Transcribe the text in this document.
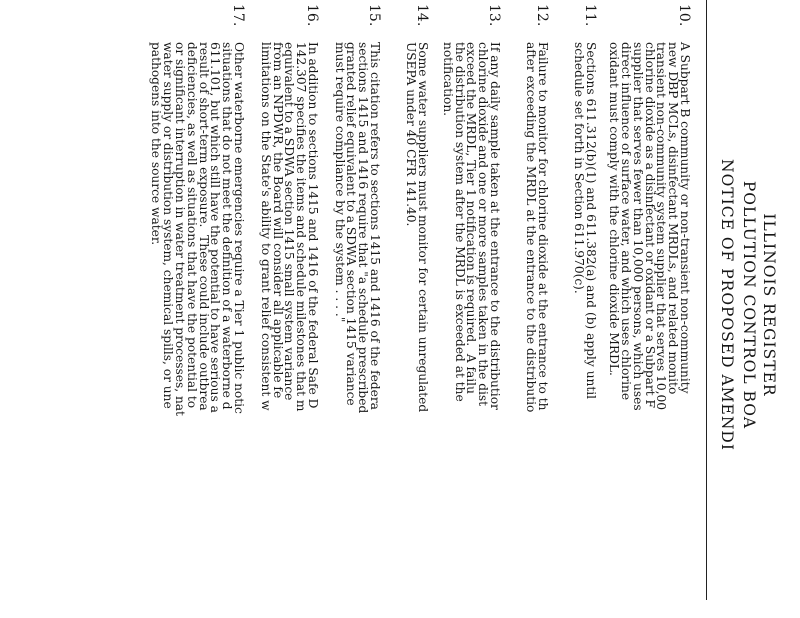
ILLINOIS REGISTER
POLLUTION CONTROL BOA
NOTICE OF PROPOSED AMENDI
10.
A Subpart B community or non-transient non-community
new DBP MCLs, disinfectant MRDLs, and related monito
transient non-community system supplier that serves 10,00
chlorine dioxide as a disinfectant or oxidant or a Subpart F
supplier that serves fewer than 10,000 persons, which uses
direct influence of surface water, and which uses chlorine
oxidant must comply with the chlorine dioxide MRDL.
11.
Sections 611.312(b)(1) and 611.382(a) and (b) apply until
schedule set forth in Section 611.970(c).
12.
Failure to monitor for chlorine dioxide at the entrance to th
after exceeding the MRDL at the entrance to the distributio
13.
If any daily sample taken at the entrance to the distributior
chlorine dioxide and one or more samples taken in the dist
exceed the MRDL, Tier 1 notification is required.  A failu
the distribution system after the MRDL is exceeded at the
notification.
14.
Some water suppliers must monitor for certain unregulated
USEPA under 40 CFR 141.40.
15.
This citation refers to sections 1415 and 1416 of the federa
sections 1415 and 1416 require that "a schedule prescribed
granted relief equivalent to a SDWA section 1415 variance
must require compliance by the system . . . ."
16.
In addition to sections 1415 and 1416 of the federal Safe D
142.307 specifies the items and schedule milestones that m
equivalent to a SDWA section 1415 small system variance
from an NPDWR, the Board will consider all applicable fe
limitations on the State's ability to grant relief consistent w
17.
Other waterborne emergencies require a Tier 1 public notic
situations that do not meet the definition of a waterborne d
611.101, but which still have the potential to have serious a
result of short-term exposure.  These could include outbrea
deficiencies, as well as situations that have the potential to
or significant interruption in water treatment processes, nat
water supply or distribution system, chemical spills, or une
pathogens into the source water.
